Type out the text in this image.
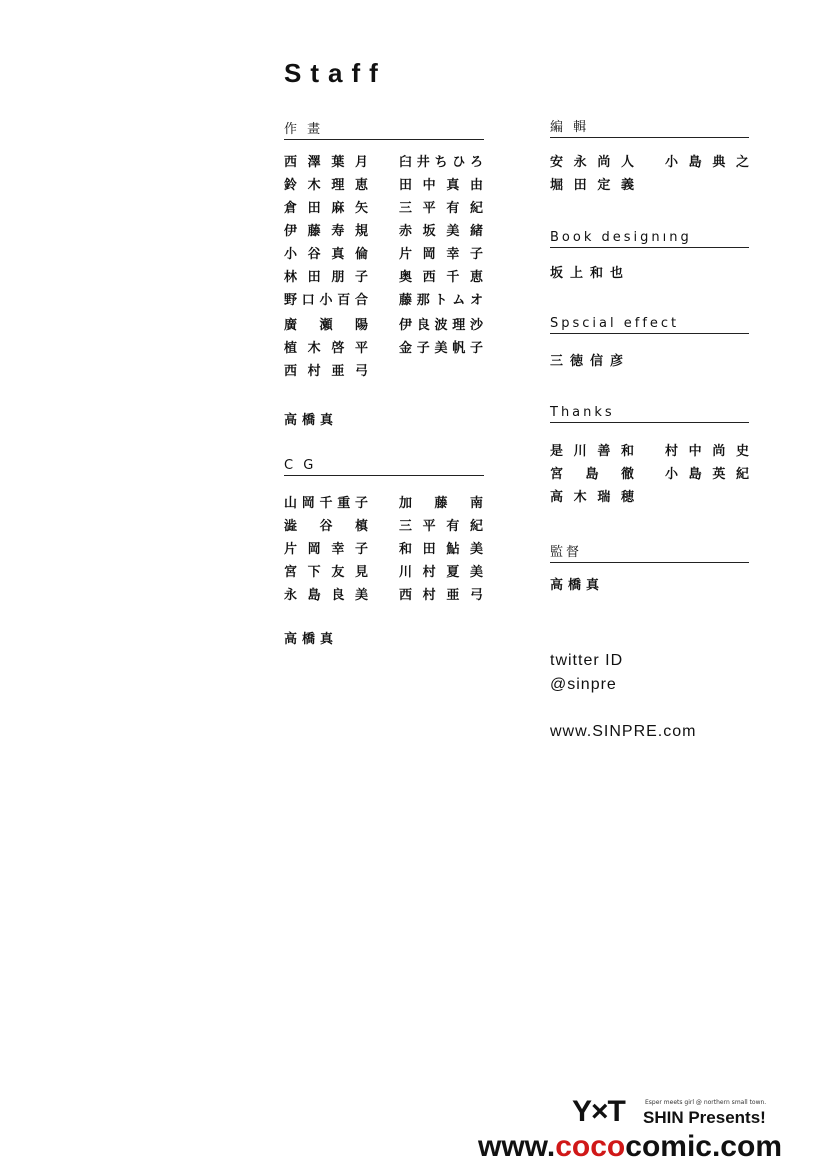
Staff
作 畫
西澤葉月
鈴木理恵
倉田麻矢
伊藤寿規
小谷真倫
林田朋子
野口小百合
廣 瀬 陽
植木啓平
西村亜弓
臼井ちひろ
田中真由
三平有紀
赤坂美緒
片岡幸子
奥西千恵
藤那トムオ
伊良波理沙
金子美帆子
高橋真
C G
山岡千重子
澁 谷 槙
片岡幸子
宮下友見
永島良美
加 藤 南
三平有紀
和田鮎美
川村夏美
西村亜弓
高橋真
編 輯
安永尚人
堀田定義
小島典之
Book designıng
坂上和也
Spscial effect
三徳信彦
Thanks
是川善和
宮 島 徹
高木瑞穂
村中尚史
小島英紀
監督
高橋真
twitter ID
@sinpre
www.SINPRE.com
Y×T	Esper meets girl @ northern small town.
SHIN Presents!
www.cococomic.com
